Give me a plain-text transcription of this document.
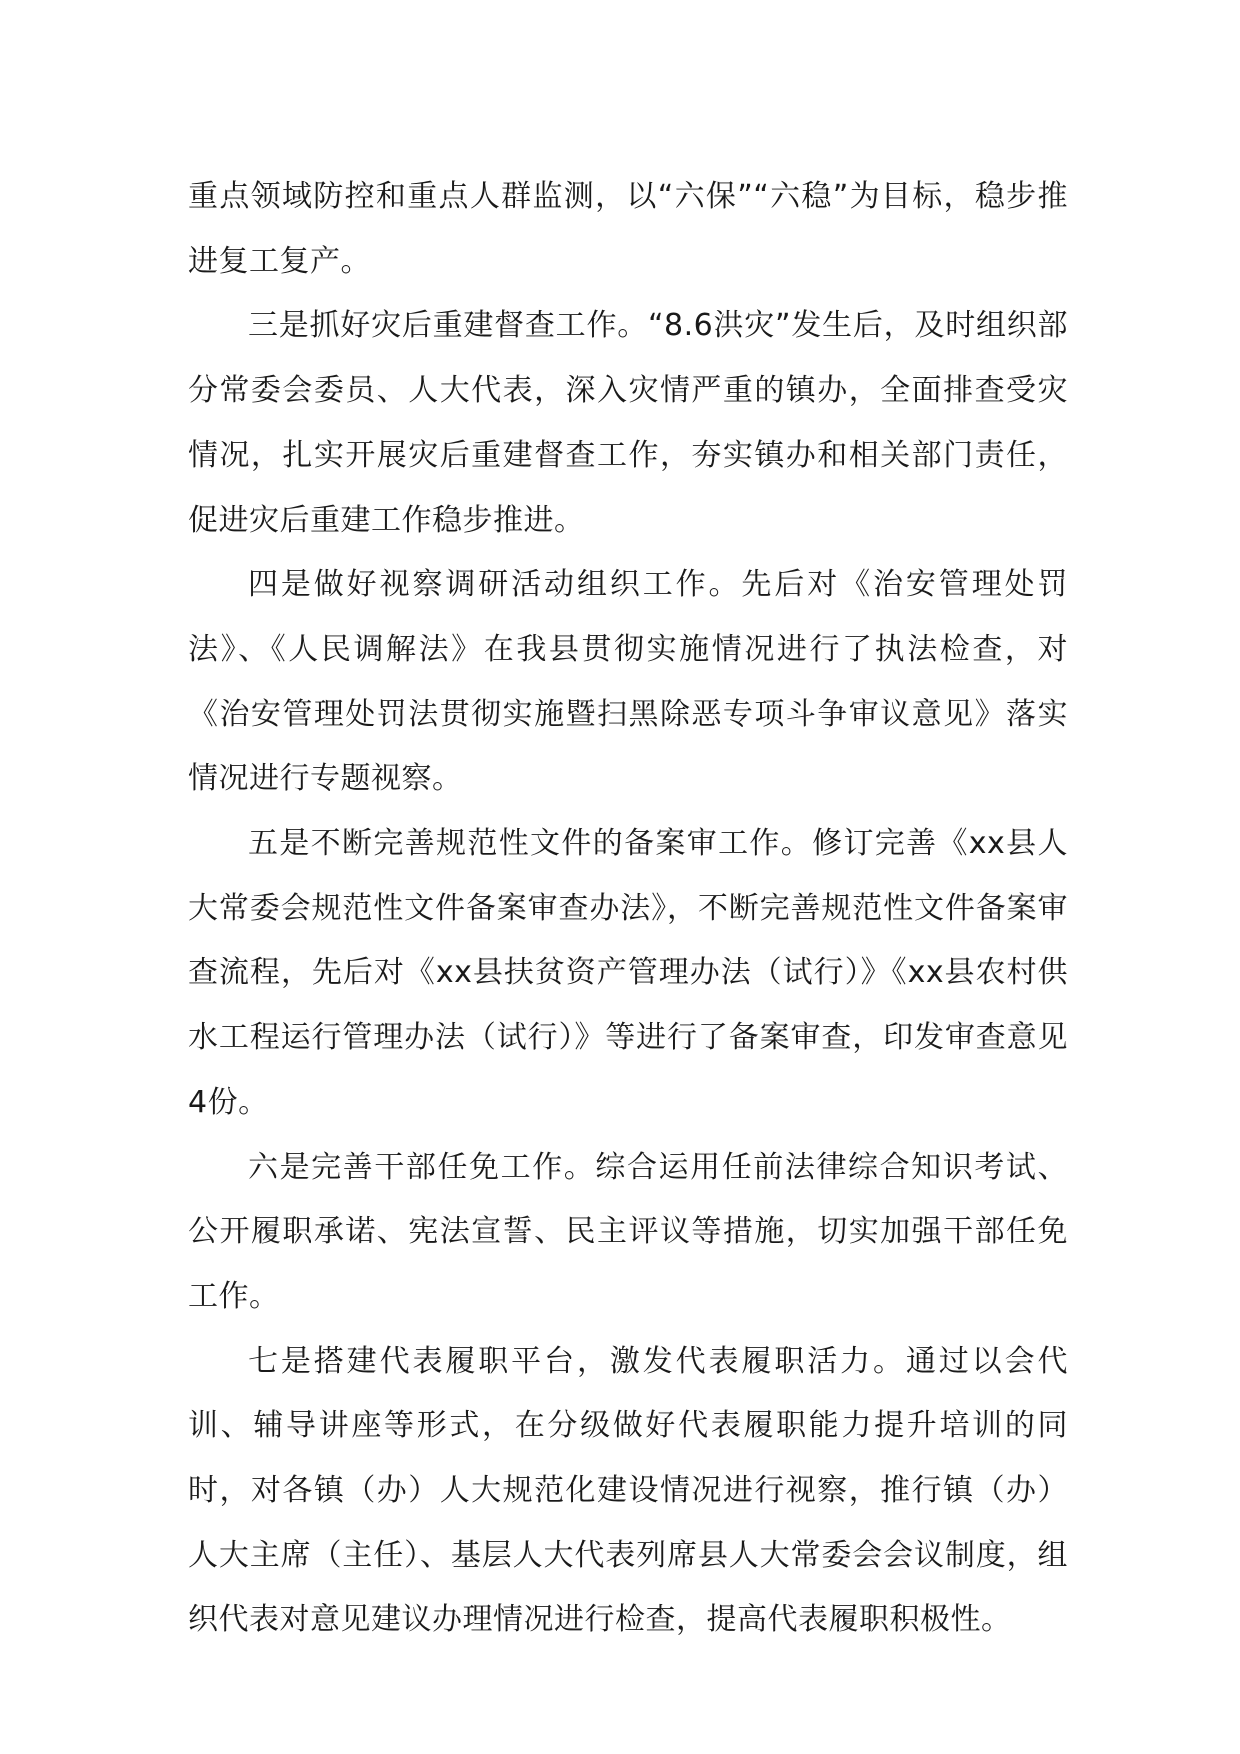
重点领域防控和重点人群监测，以“六保”“六稳”为目标，稳步推进复工复产。

三是抓好灾后重建督查工作。“8.6洪灾”发生后，及时组织部分常委会委员、人大代表，深入灾情严重的镇办，全面排查受灾情况，扎实开展灾后重建督查工作，夯实镇办和相关部门责任，促进灾后重建工作稳步推进。

四是做好视察调研活动组织工作。先后对《治安管理处罚法》、《人民调解法》在我县贯彻实施情况进行了执法检查，对《治安管理处罚法贯彻实施暨扫黑除恶专项斗争审议意见》落实情况进行专题视察。

五是不断完善规范性文件的备案审工作。修订完善《xx县人大常委会规范性文件备案审查办法》，不断完善规范性文件备案审查流程，先后对《xx县扶贫资产管理办法（试行）》《xx县农村供水工程运行管理办法（试行）》等进行了备案审查，印发审查意见4份。

六是完善干部任免工作。综合运用任前法律综合知识考试、公开履职承诺、宪法宣誓、民主评议等措施，切实加强干部任免工作。

七是搭建代表履职平台，激发代表履职活力。通过以会代训、辅导讲座等形式，在分级做好代表履职能力提升培训的同时，对各镇（办）人大规范化建设情况进行视察，推行镇（办）人大主席（主任）、基层人大代表列席县人大常委会会议制度，组织代表对意见建议办理情况进行检查，提高代表履职积极性。
